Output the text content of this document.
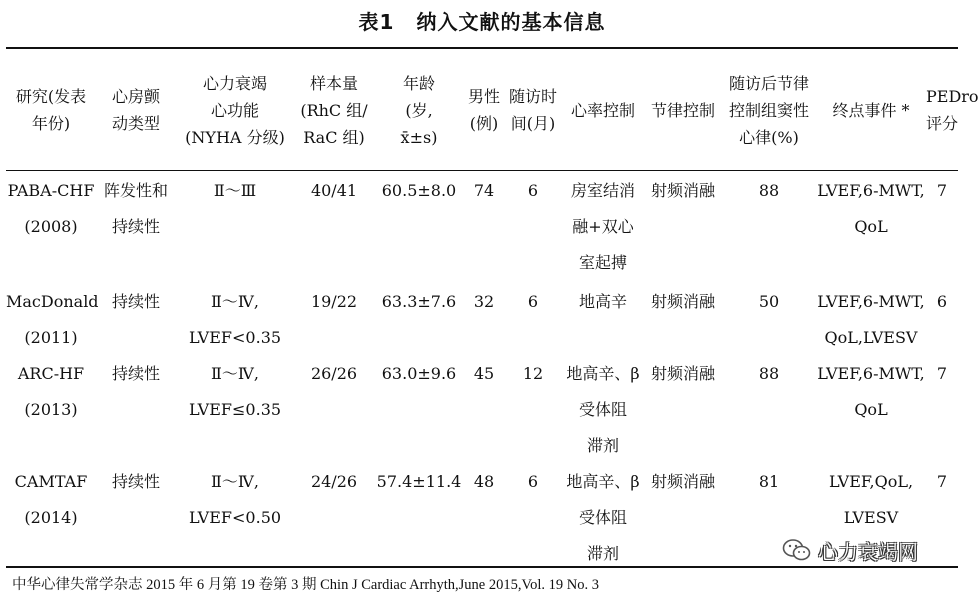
表1 纳入文献的基本信息
研究(发表
年份)	心房颤
动类型	心力衰竭
心功能
(NYHA 分级)	样本量
(RhC 组/
RaC 组)	年龄
(岁,
x̄±s)	男性
(例)	随访时
间(月)	心率控制	节律控制	随访后节律
控制组窦性
心律(%)	终点事件 *	PEDro
评分
PABA-CHF
(2008)	阵发性和
持续性	Ⅱ～Ⅲ	40/41	60.5±8.0	74	6	房室结消
融+双心
室起搏	射频消融	88	LVEF,6-MWT,
QoL	7
MacDonald
(2011)	持续性	Ⅱ～Ⅳ,
LVEF<0.35	19/22	63.3±7.6	32	6	地高辛	射频消融	50	LVEF,6-MWT,
QoL,LVESV	6
ARC-HF
(2013)	持续性	Ⅱ～Ⅳ,
LVEF≤0.35	26/26	63.0±9.6	45	12	地高辛、β
受体阻
滞剂	射频消融	88	LVEF,6-MWT,
QoL	7
CAMTAF
(2014)	持续性	Ⅱ～Ⅳ,
LVEF<0.50	24/26	57.4±11.4	48	6	地高辛、β
受体阻
滞剂	射频消融	81	LVEF,QoL,
LVESV	7
心力衰竭网
中华心律失常学杂志 2015 年 6 月第 19 卷第 3 期 Chin J Cardiac Arrhyth,June 2015,Vol. 19 No. 3
